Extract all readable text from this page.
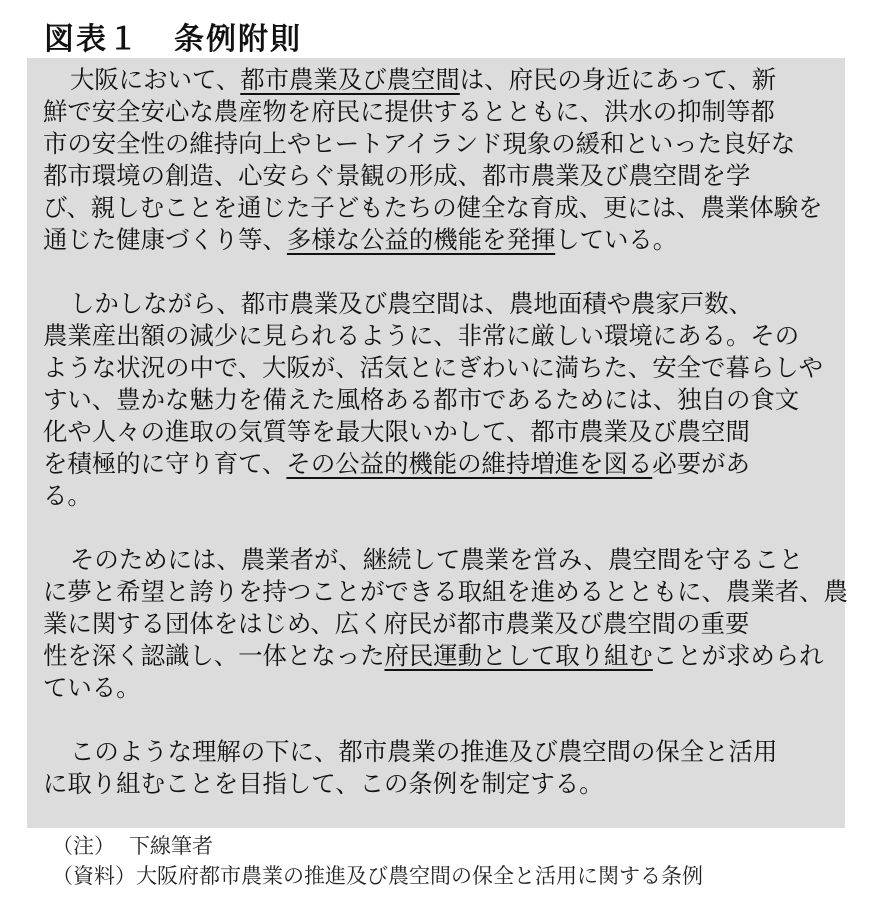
図表１ 条例附則
大阪において、都市農業及び農空間は、府民の身近にあって、新
鮮で安全安心な農産物を府民に提供するとともに、洪水の抑制等都
市の安全性の維持向上やヒートアイランド現象の緩和といった良好な
都市環境の創造、心安らぐ景観の形成、都市農業及び農空間を学
び、親しむことを通じた子どもたちの健全な育成、更には、農業体験を
通じた健康づくり等、多様な公益的機能を発揮している。
しかしながら、都市農業及び農空間は、農地面積や農家戸数、
農業産出額の減少に見られるように、非常に厳しい環境にある。その
ような状況の中で、大阪が、活気とにぎわいに満ちた、安全で暮らしや
すい、豊かな魅力を備えた風格ある都市であるためには、独自の食文
化や人々の進取の気質等を最大限いかして、都市農業及び農空間
を積極的に守り育て、その公益的機能の維持増進を図る必要があ
る。
そのためには、農業者が、継続して農業を営み、農空間を守ること
に夢と希望と誇りを持つことができる取組を進めるとともに、農業者、農
業に関する団体をはじめ、広く府民が都市農業及び農空間の重要
性を深く認識し、一体となった府民運動として取り組むことが求められ
ている。
このような理解の下に、都市農業の推進及び農空間の保全と活用
に取り組むことを目指して、この条例を制定する。
（注） 下線筆者
（資料）大阪府都市農業の推進及び農空間の保全と活用に関する条例
